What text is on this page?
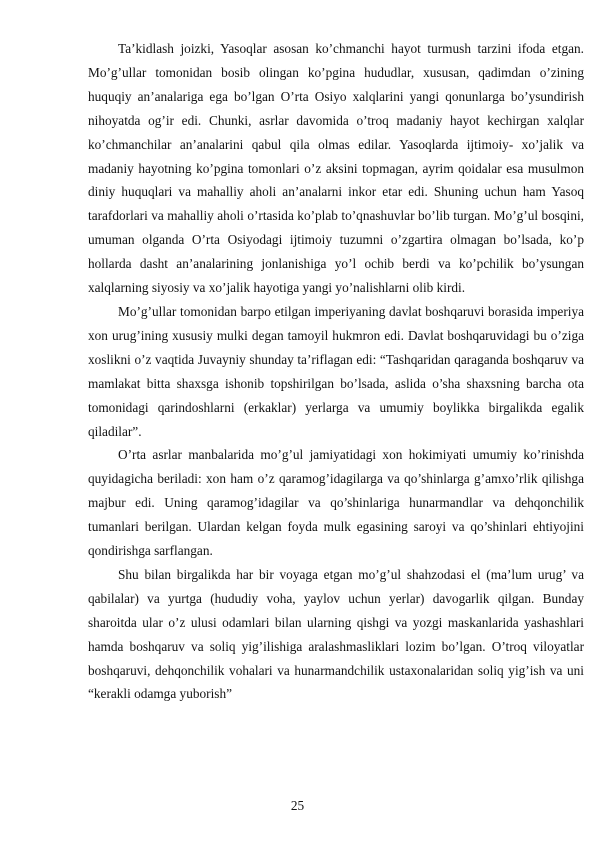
Ta’kidlash joizki, Yasoqlar asosan ko’chmanchi hayot turmush tarzini ifoda etgan. Mo’g’ullar tomonidan bosib olingan ko’pgina hududlar, xususan, qadimdan o’zining huquqiy an’analariga ega bo’lgan O’rta Osiyo xalqlarini yangi qonunlarga bo’ysundirish nihoyatda og’ir edi. Chunki, asrlar davomida o’troq madaniy hayot kechirgan xalqlar ko’chmanchilar an’analarini qabul qila olmas edilar. Yasoqlarda ijtimoiy- xo’jalik va madaniy hayotning ko’pgina tomonlari o’z aksini topmagan, ayrim qoidalar esa musulmon diniy huquqlari va mahalliy aholi an’analarni inkor etar edi. Shuning uchun ham Yasoq tarafdorlari va mahalliy aholi o’rtasida ko’plab to’qnashuvlar bo’lib turgan. Mo’g’ul bosqini, umuman olganda O’rta Osiyodagi ijtimoiy tuzumni o’zgartira olmagan bo’lsada, ko’p hollarda dasht an’analarining jonlanishiga yo’l ochib berdi va ko’pchilik bo’ysungan xalqlarning siyosiy va xo’jalik hayotiga yangi yo’nalishlarni olib kirdi.

Mo’g’ullar tomonidan barpo etilgan imperiyaning davlat boshqaruvi borasida imperiya xon urug’ining xususiy mulki degan tamoyil hukmron edi. Davlat boshqaruvidagi bu o’ziga xoslikni o’z vaqtida Juvayniy shunday ta’riflagan edi: “Tashqaridan qaraganda boshqaruv va mamlakat bitta shaxsga ishonib topshirilgan bo’lsada, aslida o’sha shaxsning barcha ota tomonidagi qarindoshlarni (erkaklar) yerlarga va umumiy boylikka birgalikda egalik qiladilar”.

O’rta asrlar manbalarida mo’g’ul jamiyatidagi xon hokimiyati umumiy ko’rinishda quyidagicha beriladi: xon ham o’z qaramog’idagilarga va qo’shinlarga g’amxo’rlik qilishga majbur edi. Uning qaramog’idagilar va qo’shinlariga hunarmandlar va dehqonchilik tumanlari berilgan. Ulardan kelgan foyda mulk egasining saroyi va qo’shinlari ehtiyojini qondirishga sarflangan.

Shu bilan birgalikda har bir voyaga etgan mo’g’ul shahzodasi el (ma’lum urug’ va qabilalar) va yurtga (hududiy voha, yaylov uchun yerlar) davogarlik qilgan. Bunday sharoitda ular o’z ulusi odamlari bilan ularning qishgi va yozgi maskanlarida yashashlari hamda boshqaruv va soliq yig’ilishiga aralashmasliklari lozim bo’lgan. O’troq viloyatlar boshqaruvi, dehqonchilik vohalari va hunarmandchilik ustaxonalaridan soliq yig’ish va uni “kerakli odamga yuborish”

25
